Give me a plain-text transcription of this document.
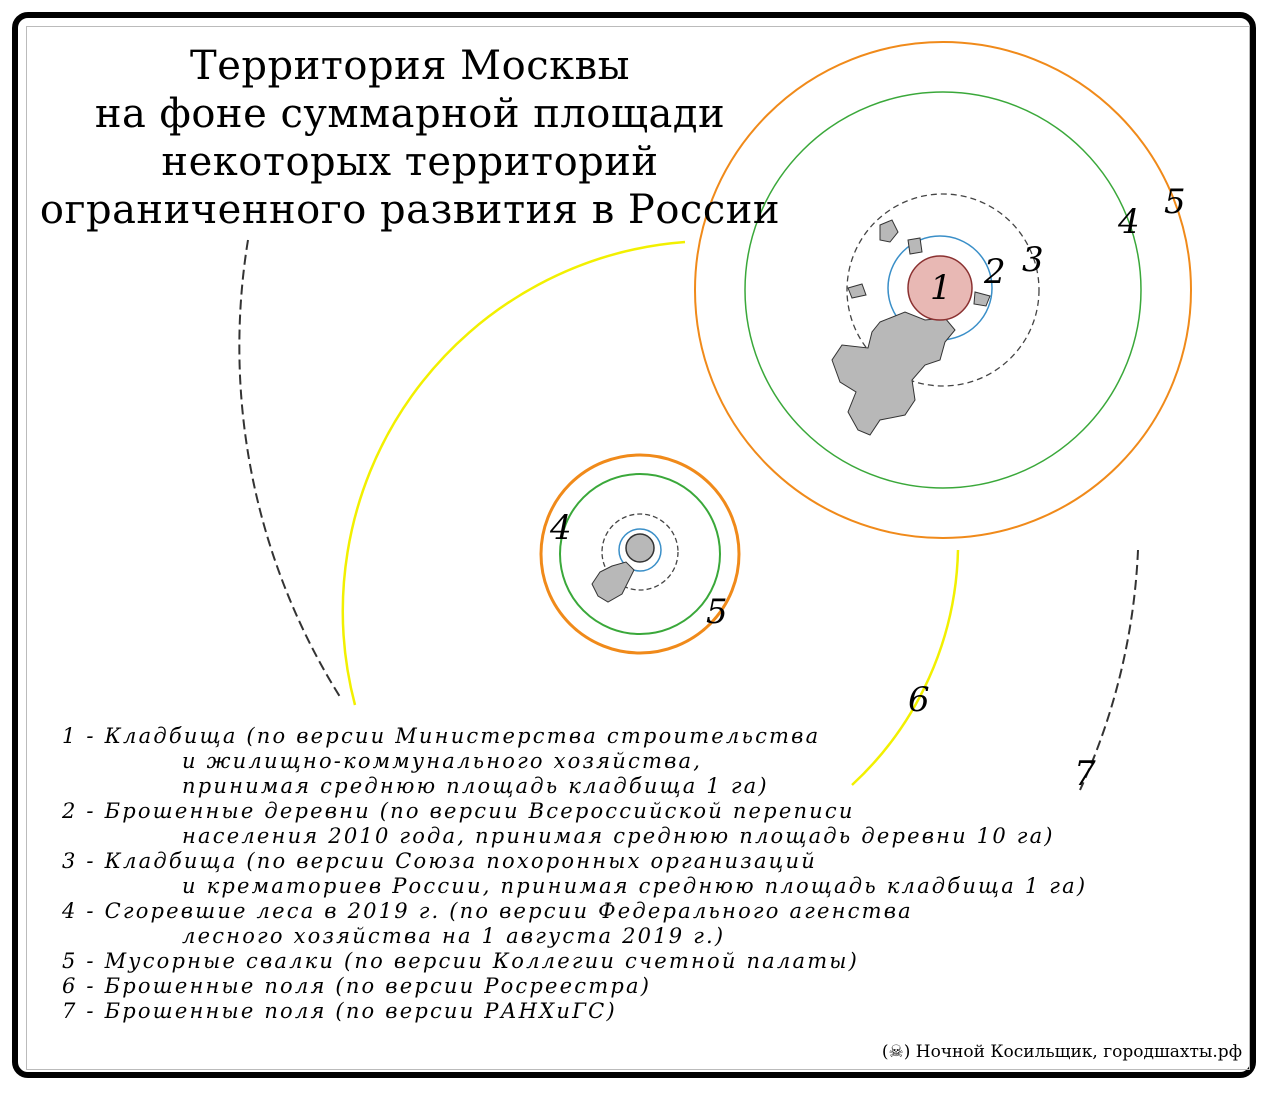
Территория Москвы
на фоне суммарной площади
некоторых территорий
ограниченного развития в России
1 2 3
4 5
4
5
6
7
1 - Кладбища (по версии Министерства строительства
и жилищно-коммунального хозяйства,
принимая среднюю площадь кладбища 1 га)
2 - Брошенные деревни (по версии Всероссийской переписи
населения 2010 года, принимая среднюю площадь деревни 10 га)
3 - Кладбища (по версии Союза похоронных организаций
и крематориев России, принимая среднюю площадь кладбища 1 га)
4 - Сгоревшие леса в 2019 г. (по версии Федерального агенства
лесного хозяйства на 1 августа 2019 г.)
5 - Мусорные свалки (по версии Коллегии счетной палаты)
6 - Брошенные поля (по версии Росреестра)
7 - Брошенные поля (по версии РАНХиГС)
(☠) Ночной Косильщик, городшахты.рф
